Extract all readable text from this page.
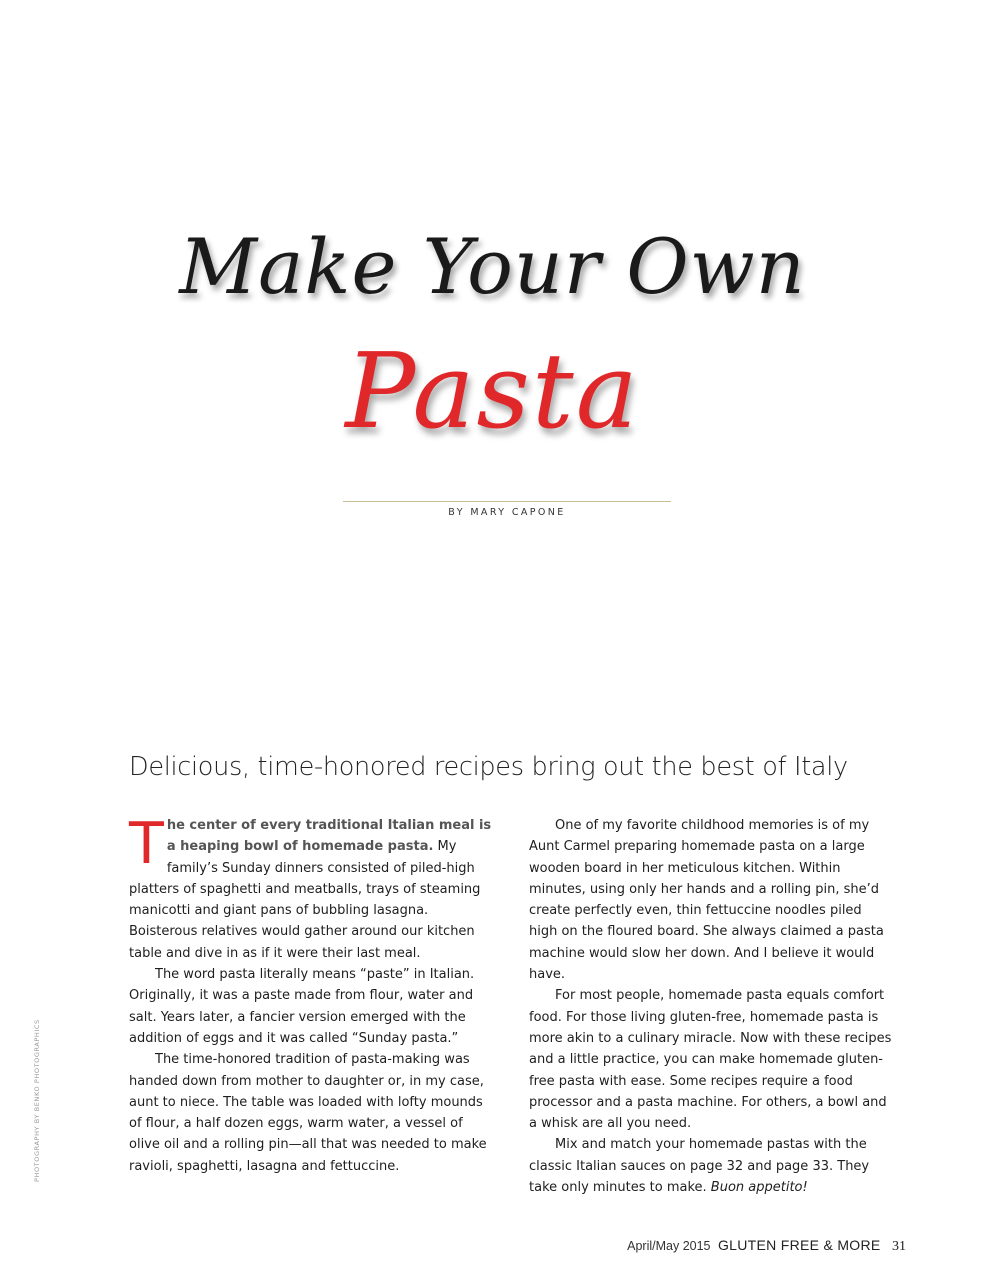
Make Your Own
Pasta
BY MARY CAPONE
Delicious, time-honored recipes bring out the best of Italy

The center of every traditional Italian meal is a heaping bowl of homemade pasta. My family’s Sunday dinners consisted of piled-high platters of spaghetti and meatballs, trays of steaming manicotti and giant pans of bubbling lasagna. Boisterous relatives would gather around our kitchen table and dive in as if it were their last meal.

The word pasta literally means “paste” in Italian. Originally, it was a paste made from flour, water and salt. Years later, a fancier version emerged with the addition of eggs and it was called “Sunday pasta.”

The time-honored tradition of pasta-making was handed down from mother to daughter or, in my case, aunt to niece. The table was loaded with lofty mounds of flour, a half dozen eggs, warm water, a vessel of olive oil and a rolling pin—all that was needed to make ravioli, spaghetti, lasagna and fettuccine.

One of my favorite childhood memories is of my Aunt Carmel preparing homemade pasta on a large wooden board in her meticulous kitchen. Within minutes, using only her hands and a rolling pin, she’d create perfectly even, thin fettuccine noodles piled high on the floured board. She always claimed a pasta machine would slow her down. And I believe it would have.

For most people, homemade pasta equals comfort food. For those living gluten-free, homemade pasta is more akin to a culinary miracle. Now with these recipes and a little practice, you can make homemade gluten-free pasta with ease. Some recipes require a food processor and a pasta machine. For others, a bowl and a whisk are all you need.

Mix and match your homemade pastas with the classic Italian sauces on page 32 and page 33. They take only minutes to make. Buon appetito!

PHOTOGRAPHY BY BENKO PHOTOGRAPHICS
April/May 2015 GLUTEN FREE & MORE 31
